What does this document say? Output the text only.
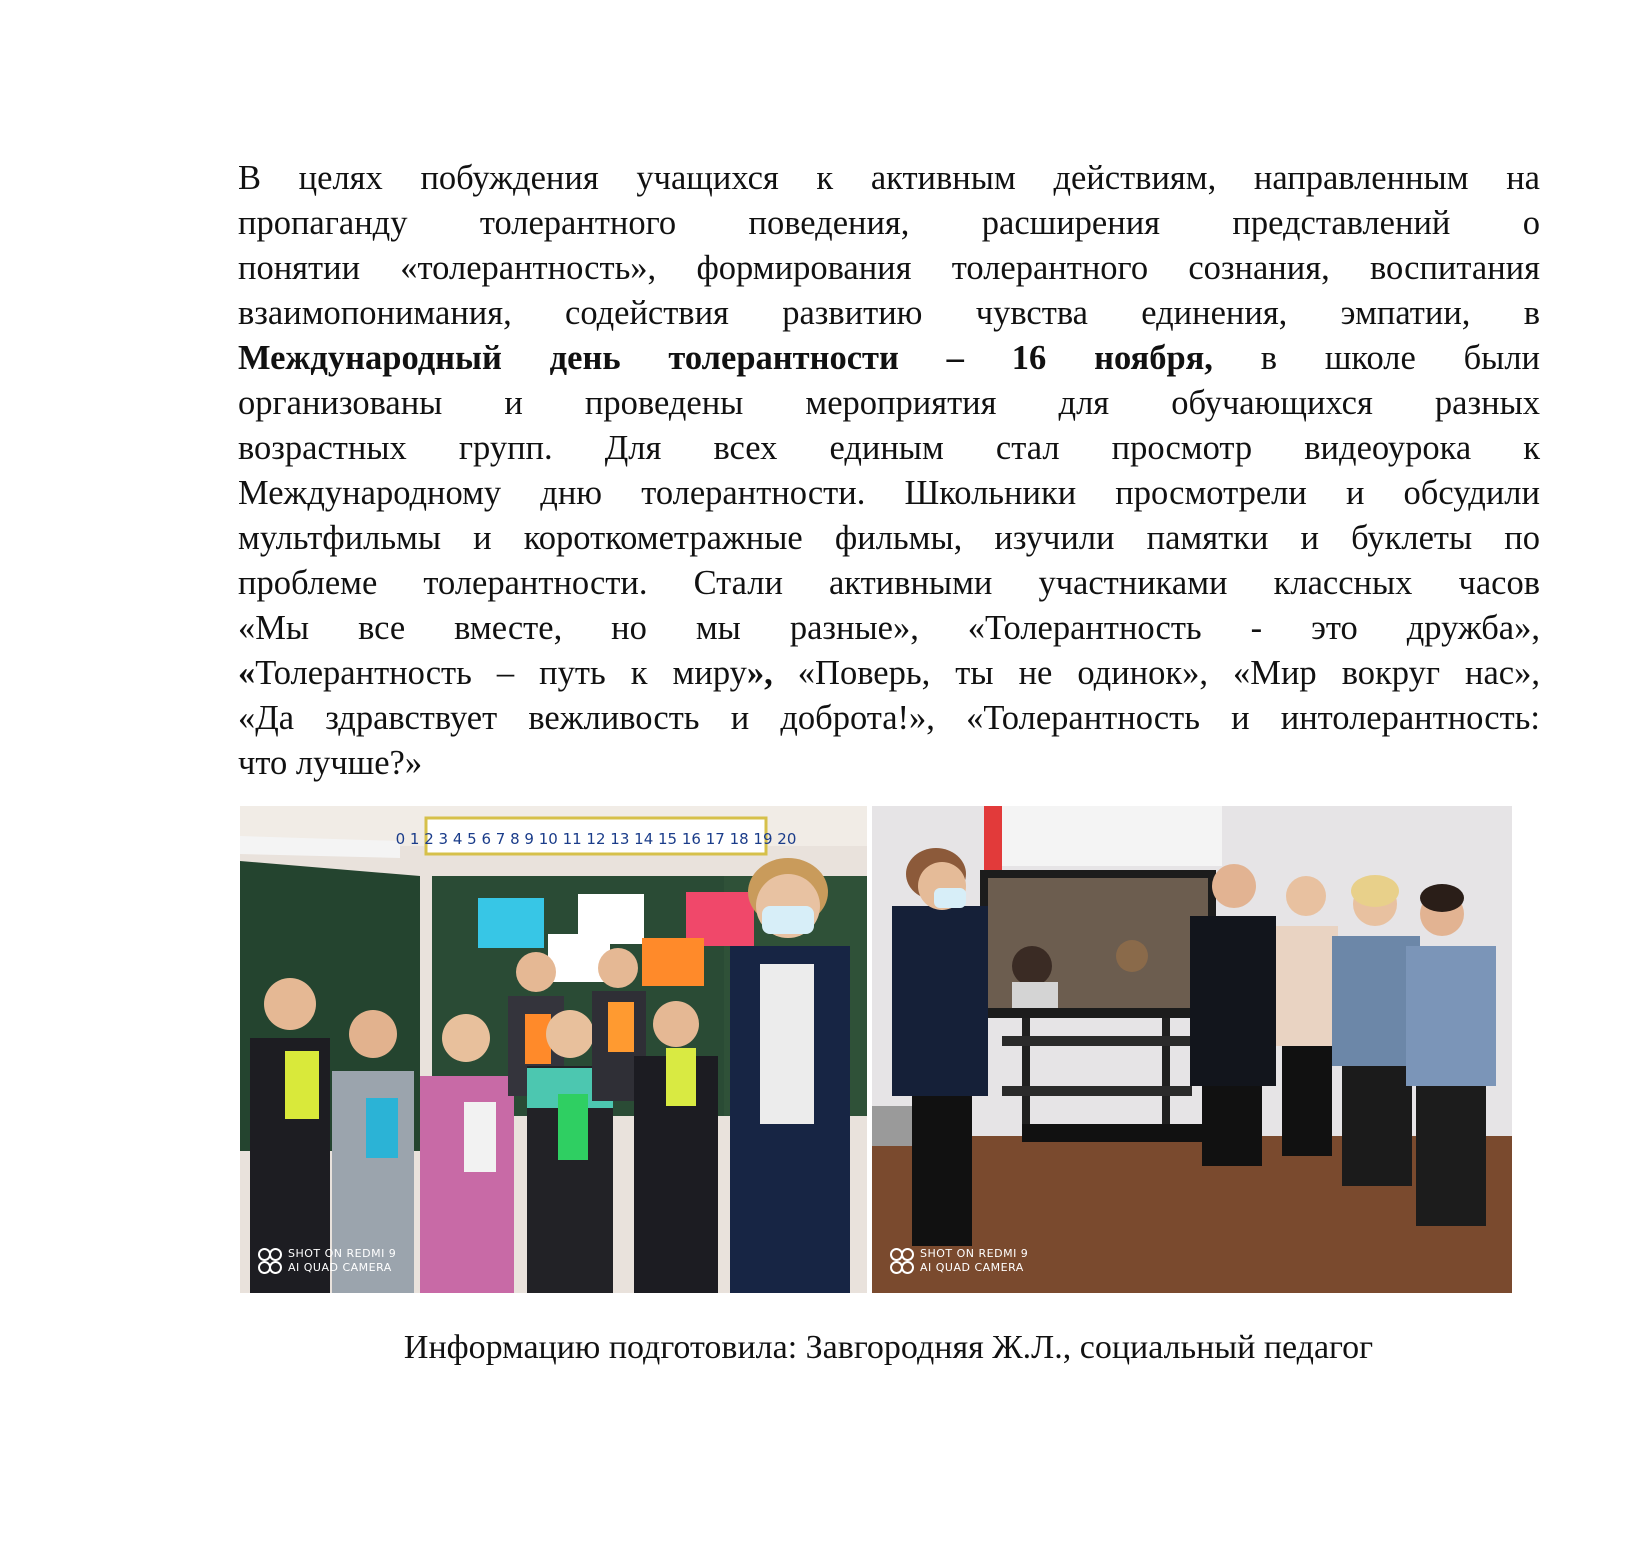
В целях побуждения учащихся к активным действиям, направленным на
пропаганду толерантного поведения, расширения представлений о
понятии «толерантность», формирования толерантного сознания, воспитания
взаимопонимания, содействия развитию чувства единения, эмпатии, в
Международный день толерантности – 16 ноября, в школе были
организованы и проведены мероприятия для обучающихся разных
возрастных групп. Для всех единым стал просмотр видеоурока к
Международному дню толерантности. Школьники просмотрели и обсудили
мультфильмы и короткометражные фильмы, изучили памятки и буклеты по
проблеме толерантности. Стали активными участниками классных часов
«Мы все вместе, но мы разные», «Толерантность - это дружба»,
«Толерантность – путь к миру», «Поверь, ты не одинок», «Мир вокруг нас»,
«Да здравствует вежливость и доброта!», «Толерантность и интолерантность:
что лучше?»
0 1 2 3 4 5 6 7 8 9 10 11 12 13 14 15 16 17 18 19 20
SHOT ON REDMI 9
AI QUAD CAMERA
SHOT ON REDMI 9
AI QUAD CAMERA
Информацию подготовила: Завгородняя Ж.Л., социальный педагог
